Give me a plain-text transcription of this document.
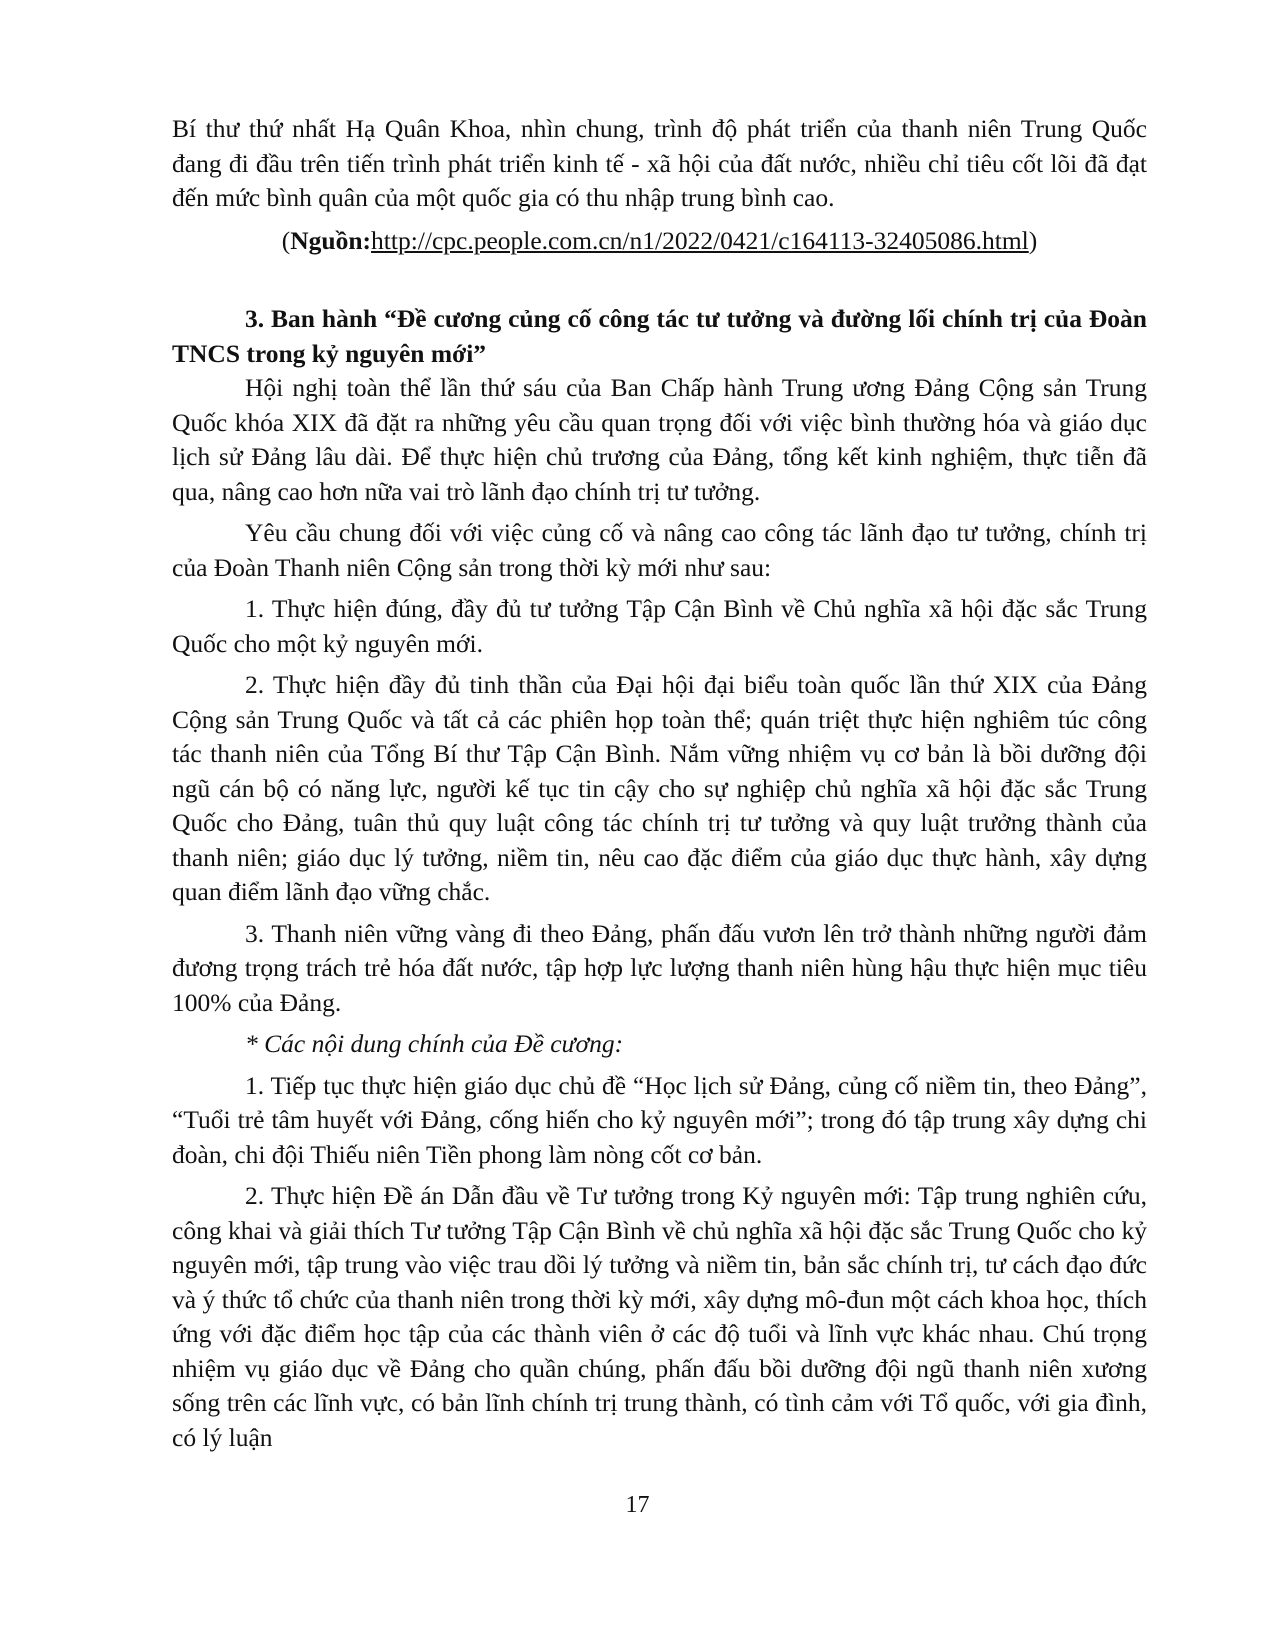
Bí thư thứ nhất Hạ Quân Khoa, nhìn chung, trình độ phát triển của thanh niên Trung Quốc đang đi đầu trên tiến trình phát triển kinh tế - xã hội của đất nước, nhiều chỉ tiêu cốt lõi đã đạt đến mức bình quân của một quốc gia có thu nhập trung bình cao.

(Nguồn:http://cpc.people.com.cn/n1/2022/0421/c164113-32405086.html)

3. Ban hành “Đề cương củng cố công tác tư tưởng và đường lối chính trị của Đoàn TNCS trong kỷ nguyên mới”

Hội nghị toàn thể lần thứ sáu của Ban Chấp hành Trung ương Đảng Cộng sản Trung Quốc khóa XIX đã đặt ra những yêu cầu quan trọng đối với việc bình thường hóa và giáo dục lịch sử Đảng lâu dài. Để thực hiện chủ trương của Đảng, tổng kết kinh nghiệm, thực tiễn đã qua, nâng cao hơn nữa vai trò lãnh đạo chính trị tư tưởng.

Yêu cầu chung đối với việc củng cố và nâng cao công tác lãnh đạo tư tưởng, chính trị của Đoàn Thanh niên Cộng sản trong thời kỳ mới như sau:

1. Thực hiện đúng, đầy đủ tư tưởng Tập Cận Bình về Chủ nghĩa xã hội đặc sắc Trung Quốc cho một kỷ nguyên mới.

2. Thực hiện đầy đủ tinh thần của Đại hội đại biểu toàn quốc lần thứ XIX của Đảng Cộng sản Trung Quốc và tất cả các phiên họp toàn thể; quán triệt thực hiện nghiêm túc công tác thanh niên của Tổng Bí thư Tập Cận Bình. Nắm vững nhiệm vụ cơ bản là bồi dưỡng đội ngũ cán bộ có năng lực, người kế tục tin cậy cho sự nghiệp chủ nghĩa xã hội đặc sắc Trung Quốc cho Đảng, tuân thủ quy luật công tác chính trị tư tưởng và quy luật trưởng thành của thanh niên; giáo dục lý tưởng, niềm tin, nêu cao đặc điểm của giáo dục thực hành, xây dựng quan điểm lãnh đạo vững chắc.

3. Thanh niên vững vàng đi theo Đảng, phấn đấu vươn lên trở thành những người đảm đương trọng trách trẻ hóa đất nước, tập hợp lực lượng thanh niên hùng hậu thực hiện mục tiêu 100% của Đảng.

* Các nội dung chính của Đề cương:

1. Tiếp tục thực hiện giáo dục chủ đề “Học lịch sử Đảng, củng cố niềm tin, theo Đảng”, “Tuổi trẻ tâm huyết với Đảng, cống hiến cho kỷ nguyên mới”; trong đó tập trung xây dựng chi đoàn, chi đội Thiếu niên Tiền phong làm nòng cốt cơ bản.

2. Thực hiện Đề án Dẫn đầu về Tư tưởng trong Kỷ nguyên mới: Tập trung nghiên cứu, công khai và giải thích Tư tưởng Tập Cận Bình về chủ nghĩa xã hội đặc sắc Trung Quốc cho kỷ nguyên mới, tập trung vào việc trau dồi lý tưởng và niềm tin, bản sắc chính trị, tư cách đạo đức và ý thức tổ chức của thanh niên trong thời kỳ mới, xây dựng mô-đun một cách khoa học, thích ứng với đặc điểm học tập của các thành viên ở các độ tuổi và lĩnh vực khác nhau. Chú trọng nhiệm vụ giáo dục về Đảng cho quần chúng, phấn đấu bồi dưỡng đội ngũ thanh niên xương sống trên các lĩnh vực, có bản lĩnh chính trị trung thành, có tình cảm với Tổ quốc, với gia đình, có lý luận

17
